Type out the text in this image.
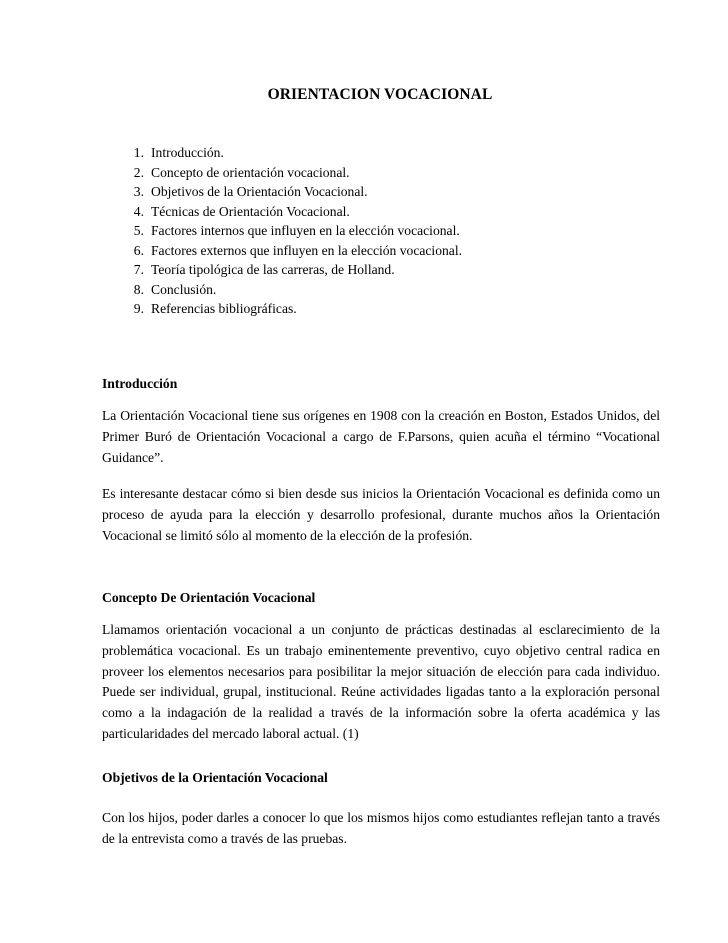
ORIENTACION VOCACIONAL
1. Introducción.
2. Concepto de orientación vocacional.
3. Objetivos de la Orientación Vocacional.
4. Técnicas de Orientación Vocacional.
5. Factores internos que influyen en la elección vocacional.
6. Factores externos que influyen en la elección vocacional.
7. Teoría tipológica de las carreras, de Holland.
8. Conclusión.
9. Referencias bibliográficas.
Introducción

La Orientación Vocacional tiene sus orígenes en 1908 con la creación en Boston, Estados Unidos, del Primer Buró de Orientación Vocacional a cargo de F.Parsons, quien acuña el término “Vocational Guidance”.

Es interesante destacar cómo si bien desde sus inicios la Orientación Vocacional es definida como un proceso de ayuda para la elección y desarrollo profesional, durante muchos años la Orientación Vocacional se limitó sólo al momento de la elección de la profesión.

Concepto De Orientación Vocacional

Llamamos orientación vocacional a un conjunto de prácticas destinadas al esclarecimiento de la problemática vocacional. Es un trabajo eminentemente preventivo, cuyo objetivo central radica en proveer los elementos necesarios para posibilitar la mejor situación de elección para cada individuo. Puede ser individual, grupal, institucional. Reúne actividades ligadas tanto a la exploración personal como a la indagación de la realidad a través de la información sobre la oferta académica y las particularidades del mercado laboral actual. (1)

Objetivos de la Orientación Vocacional

Con los hijos, poder darles a conocer lo que los mismos hijos como estudiantes reflejan tanto a través de la entrevista como a través de las pruebas.
